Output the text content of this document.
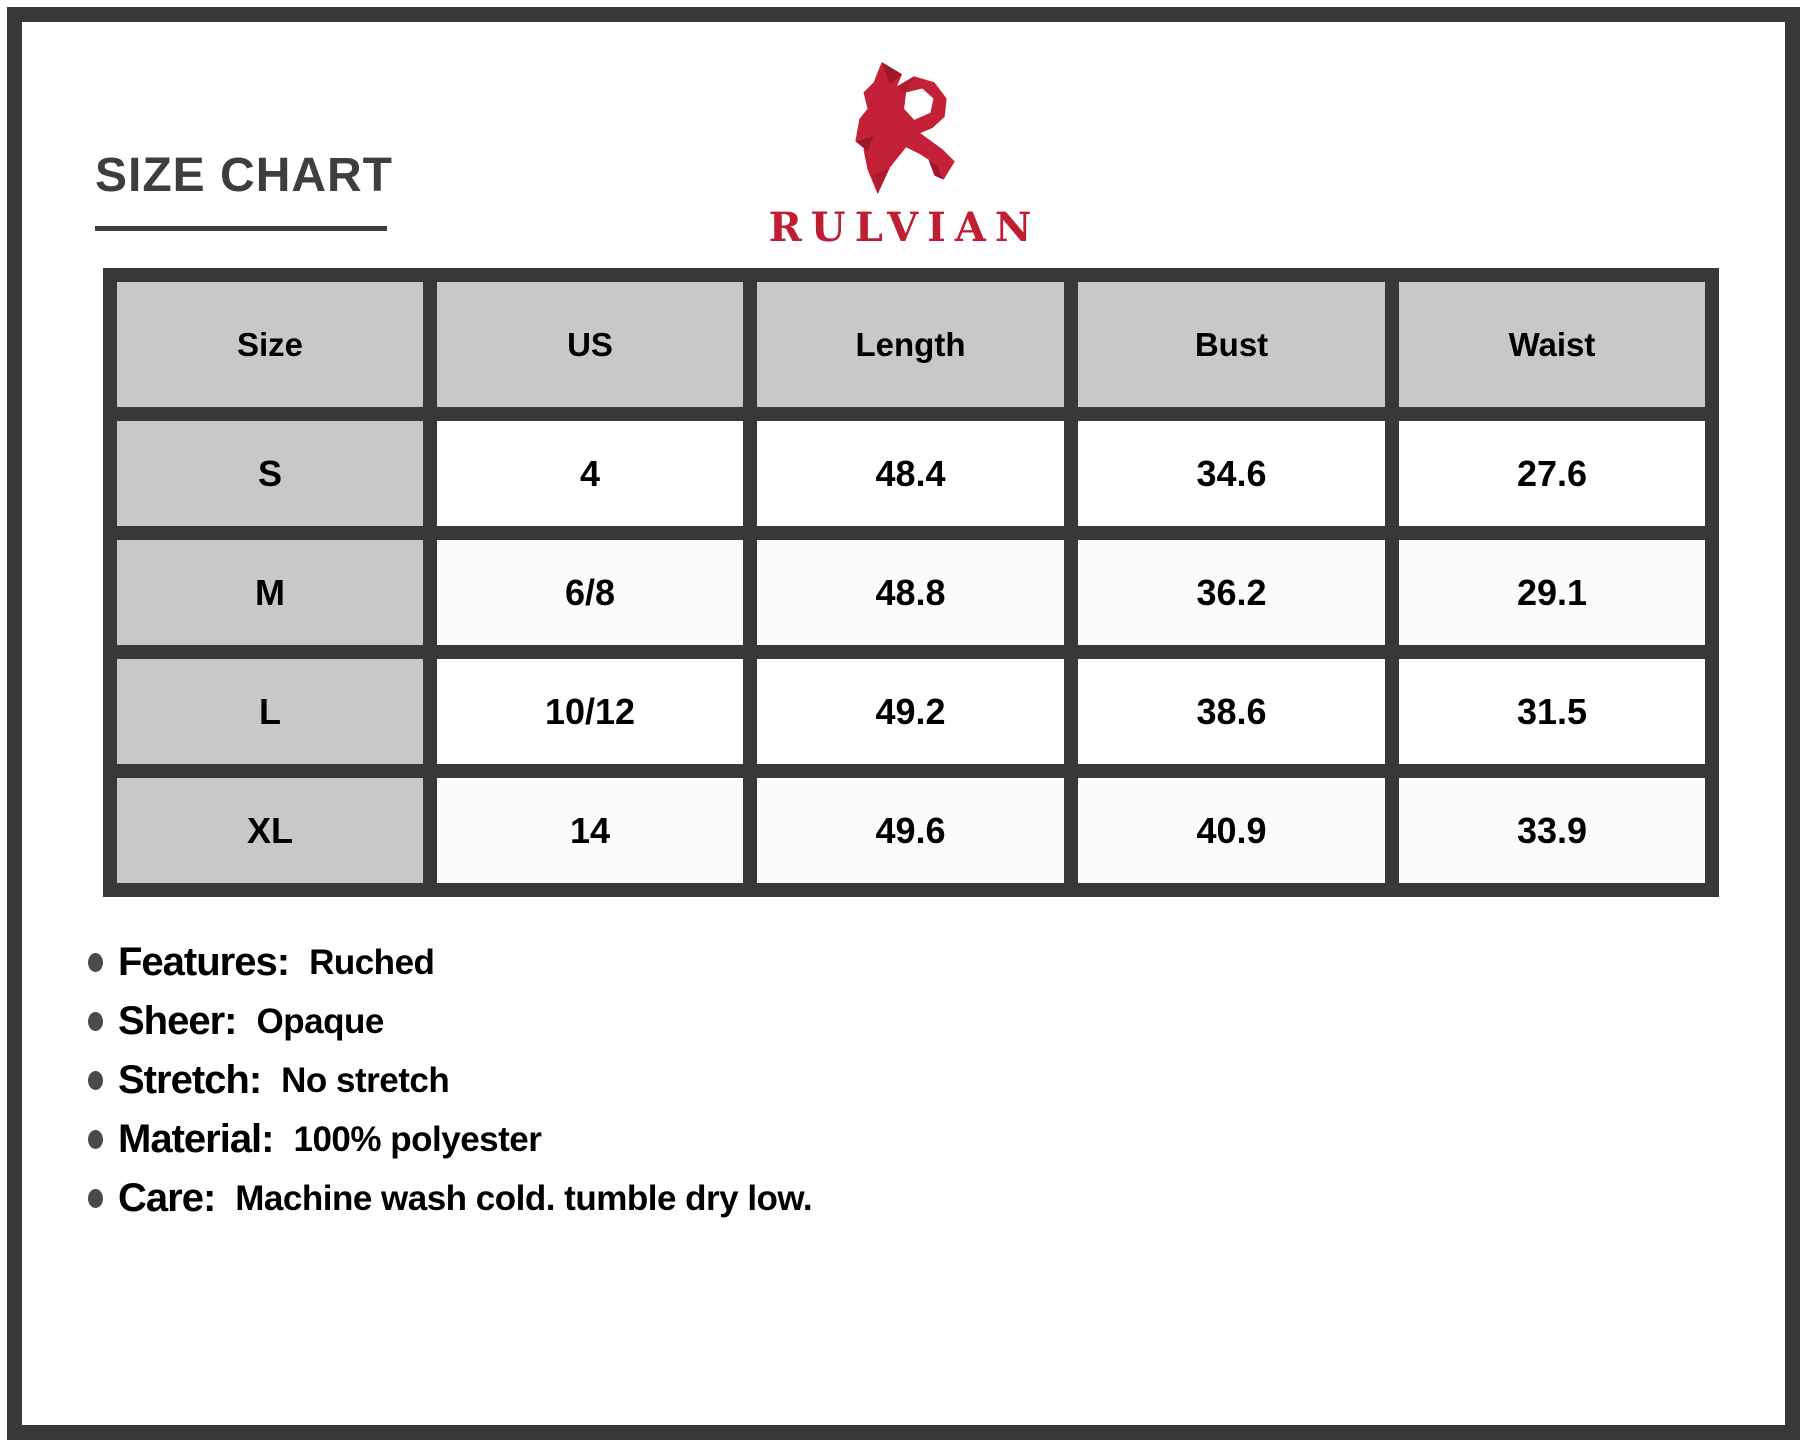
SIZE CHART
RULVIAN
Size	US	Length	Bust	Waist
S	4	48.4	34.6	27.6
M	6/8	48.8	36.2	29.1
L	10/12	49.2	38.6	31.5
XL	14	49.6	40.9	33.9
Features: Ruched
Sheer: Opaque
Stretch: No stretch
Material: 100% polyester
Care: Machine wash cold. tumble dry low.
